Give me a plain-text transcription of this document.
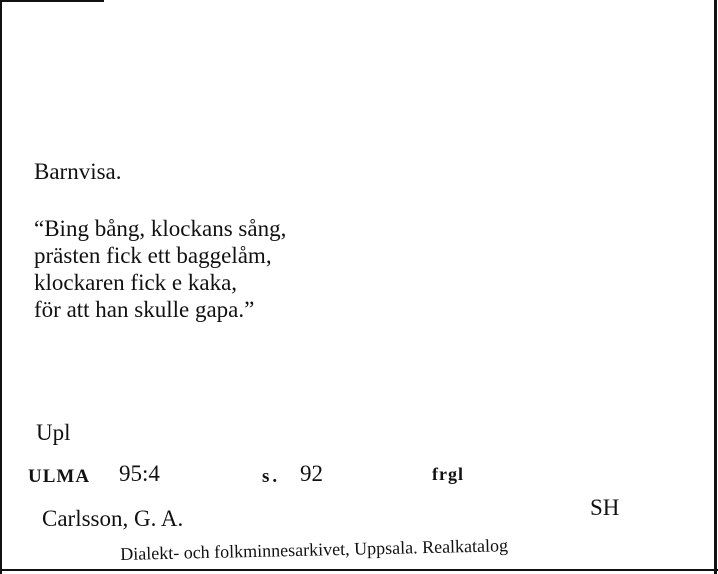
Barnvisa.
“Bing bång, klockans sång,
prästen fick ett baggelåm,
klockaren fick e kaka,
för att han skulle gapa.”
Upl
ULMA 95:4	s. 92	frgl
Carlsson, G. A.	SH
Dialekt- och folkminnesarkivet, Uppsala. Realkatalog
